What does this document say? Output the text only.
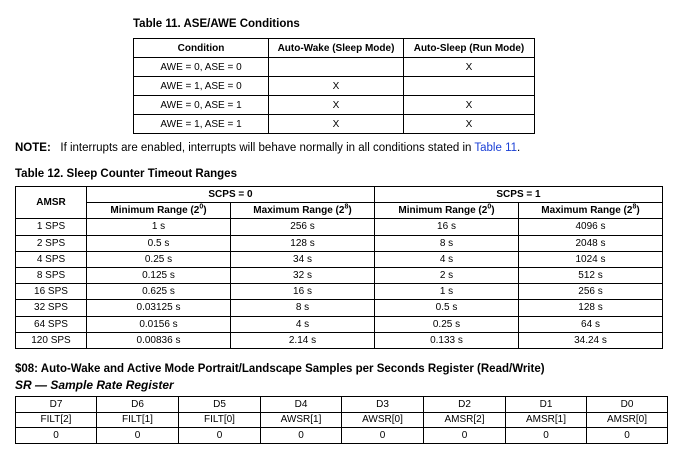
Table 11. ASE/AWE Conditions
Condition	Auto-Wake (Sleep Mode)	Auto-Sleep (Run Mode)
AWE = 0, ASE = 0		X
AWE = 1, ASE = 0	X	
AWE = 0, ASE = 1	X	X
AWE = 1, ASE = 1	X	X
NOTE: If interrupts are enabled, interrupts will behave normally in all conditions stated in Table 11.
Table 12. Sleep Counter Timeout Ranges
AMSR	SCPS = 0		SCPS = 1	
	Minimum Range $(2^0)$	Maximum Range $(2^8)$	Minimum Range $(2^0)$	Maximum Range $(2^8)$
1 SPS	1 s	256 s	16 s	4096 s
2 SPS	0.5 s	128 s	8 s	2048 s
4 SPS	0.25 s	34 s	4 s	1024 s
8 SPS	0.125 s	32 s	2 s	512 s
16 SPS	0.625 s	16 s	1 s	256 s
32 SPS	0.03125 s	8 s	0.5 s	128 s
64 SPS	0.0156 s	4 s	0.25 s	64 s
120 SPS	0.00836 s	2.14 s	0.133 s	34.24 s
$08: Auto-Wake and Active Mode Portrait/Landscape Samples per Seconds Register (Read/Write)
SR — Sample Rate Register
D7	D6	D5	D4	D3	D2	D1	D0
FILT[2]	FILT[1]	FILT[0]	AWSR[1]	AWSR[0]	AMSR[2]	AMSR[1]	AMSR[0]
0	0	0	0	0	0	0	0
